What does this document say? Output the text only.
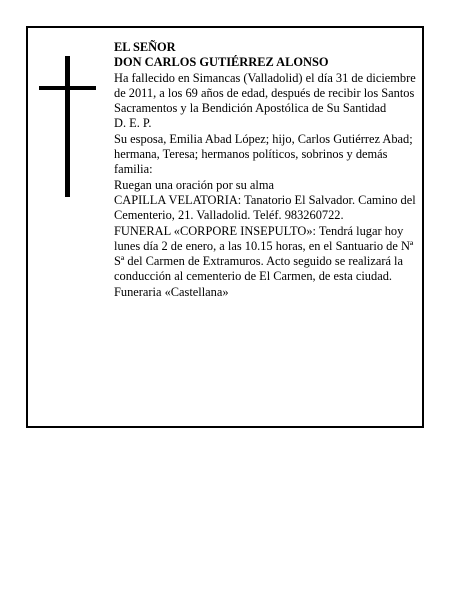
EL SEÑOR

DON CARLOS GUTIÉRREZ ALONSO

Ha fallecido en Simancas (Valladolid) el día 31 de diciembre de 2011, a los 69 años de edad, después de recibir los Santos Sacramentos y la Bendición Apostólica de Su Santidad

D. E. P.

Su esposa, Emilia Abad López; hijo, Carlos Gutiérrez Abad; hermana, Teresa; hermanos políticos, sobrinos y demás familia:

Ruegan una oración por su alma

CAPILLA VELATORIA: Tanatorio El Salvador. Camino del Cementerio, 21. Valladolid. Teléf. 983260722.

FUNERAL «CORPORE INSEPULTO»: Tendrá lugar hoy lunes día 2 de enero, a las 10.15 horas, en el Santuario de Nª Sª del Carmen de Extramuros. Acto seguido se realizará la conducción al cementerio de El Carmen, de esta ciudad.

Funeraria «Castellana»
